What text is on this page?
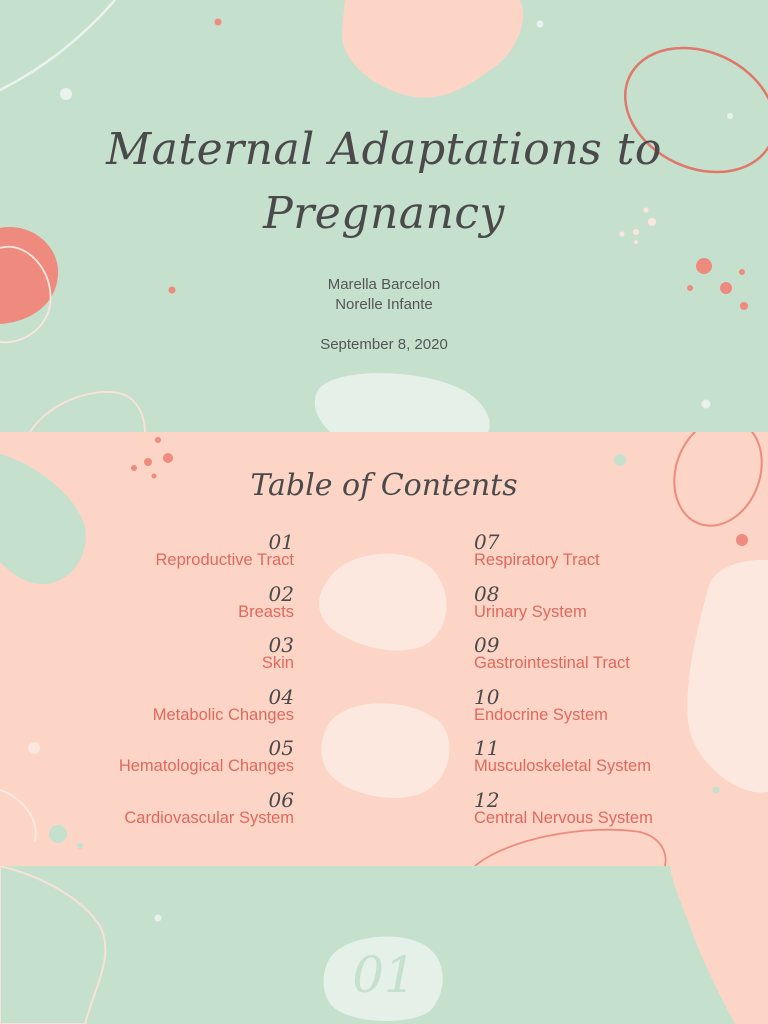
Maternal Adaptations to
Pregnancy
Marella Barcelon
Norelle Infante
September 8, 2020
Table of Contents
01
Reproductive Tract
02
Breasts
03
Skin
04
Metabolic Changes
05
Hematological Changes
06
Cardiovascular System
07
Respiratory Tract
08
Urinary System
09
Gastrointestinal Tract
10
Endocrine System
11
Musculoskeletal System
12
Central Nervous System
01
